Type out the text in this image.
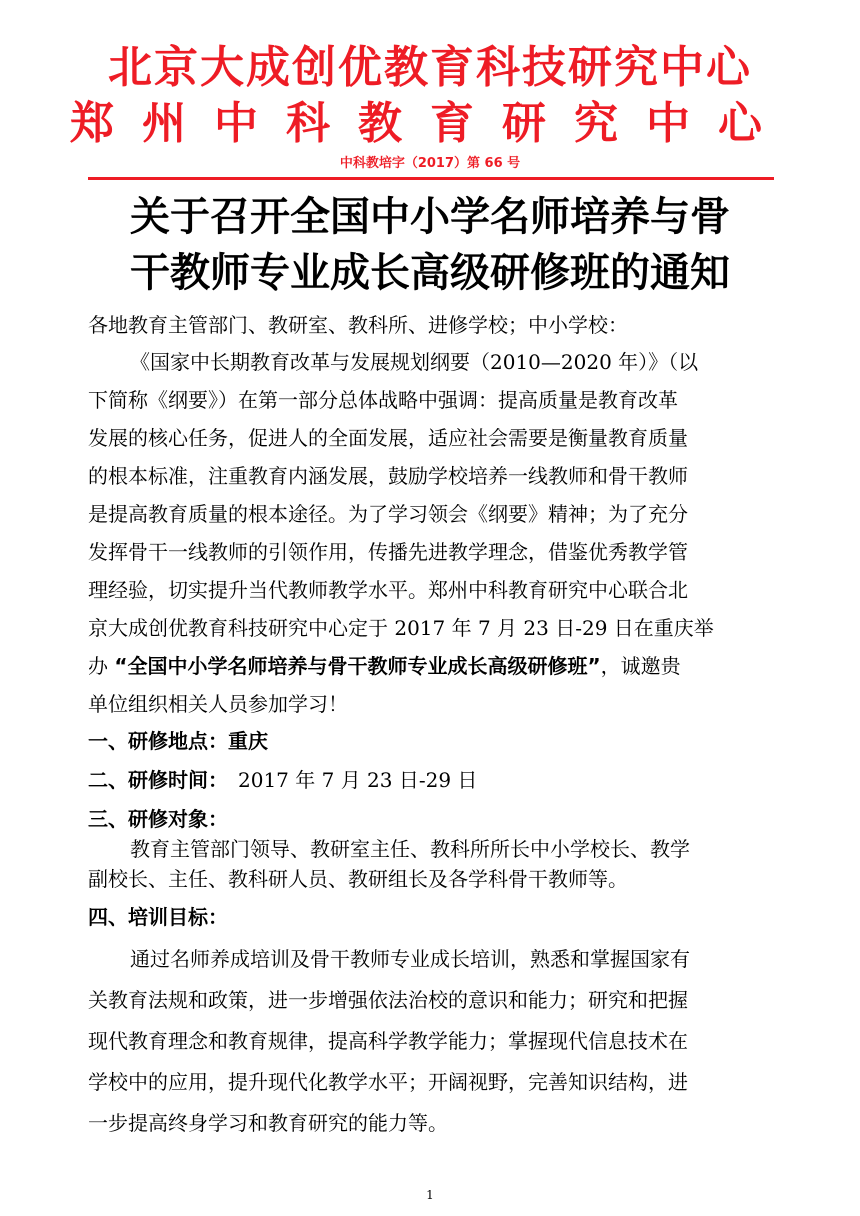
北京大成创优教育科技研究中心
郑州中科教育研究中心
中科教培字（2017）第 66 号
关于召开全国中小学名师培养与骨
干教师专业成长高级研修班的通知
各地教育主管部门、教研室、教科所、进修学校；中小学校：
《国家中长期教育改革与发展规划纲要（2010—2020 年）》（以
下简称《纲要》）在第一部分总体战略中强调：提高质量是教育改革
发展的核心任务，促进人的全面发展，适应社会需要是衡量教育质量
的根本标准，注重教育内涵发展，鼓励学校培养一线教师和骨干教师
是提高教育质量的根本途径。为了学习领会《纲要》精神；为了充分
发挥骨干一线教师的引领作用，传播先进教学理念，借鉴优秀教学管
理经验，切实提升当代教师教学水平。郑州中科教育研究中心联合北
京大成创优教育科技研究中心定于 2017 年 7 月 23 日-29 日在重庆举
办 “全国中小学名师培养与骨干教师专业成长高级研修班”，诚邀贵
单位组织相关人员参加学习！
一、研修地点：重庆
二、研修时间： 2017 年 7 月 23 日-29 日
三、研修对象：
教育主管部门领导、教研室主任、教科所所长中小学校长、教学
副校长、主任、教科研人员、教研组长及各学科骨干教师等。
四、培训目标：
通过名师养成培训及骨干教师专业成长培训，熟悉和掌握国家有
关教育法规和政策，进一步增强依法治校的意识和能力；研究和把握
现代教育理念和教育规律，提高科学教学能力；掌握现代信息技术在
学校中的应用，提升现代化教学水平；开阔视野，完善知识结构，进
一步提高终身学习和教育研究的能力等。
1
